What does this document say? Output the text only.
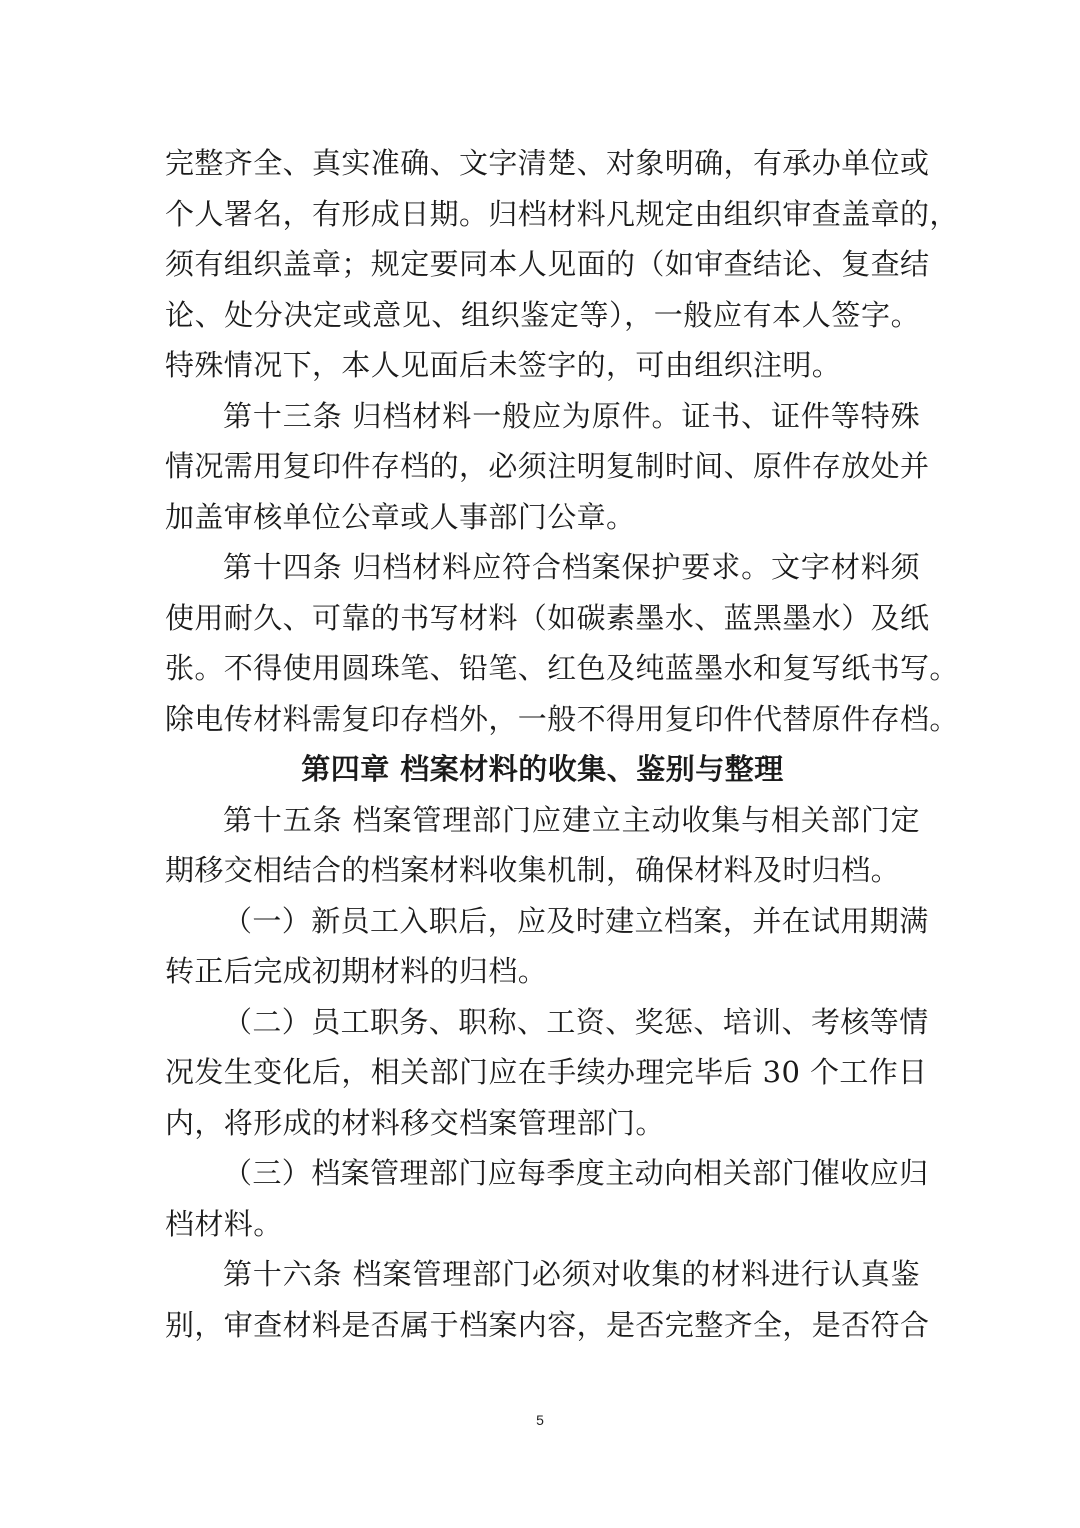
完整齐全、真实准确、文字清楚、对象明确，有承办单位或
个人署名，有形成日期。归档材料凡规定由组织审查盖章的，
须有组织盖章；规定要同本人见面的（如审查结论、复查结
论、处分决定或意见、组织鉴定等），一般应有本人签字。
特殊情况下，本人见面后未签字的，可由组织注明。
第十三条 归档材料一般应为原件。证书、证件等特殊
情况需用复印件存档的，必须注明复制时间、原件存放处并
加盖审核单位公章或人事部门公章。
第十四条 归档材料应符合档案保护要求。文字材料须
使用耐久、可靠的书写材料（如碳素墨水、蓝黑墨水）及纸
张。不得使用圆珠笔、铅笔、红色及纯蓝墨水和复写纸书写。
除电传材料需复印存档外，一般不得用复印件代替原件存档。
第四章 档案材料的收集、鉴别与整理
第十五条 档案管理部门应建立主动收集与相关部门定
期移交相结合的档案材料收集机制，确保材料及时归档。
（一）新员工入职后，应及时建立档案，并在试用期满
转正后完成初期材料的归档。
（二）员工职务、职称、工资、奖惩、培训、考核等情
况发生变化后，相关部门应在手续办理完毕后 30 个工作日
内，将形成的材料移交档案管理部门。
（三）档案管理部门应每季度主动向相关部门催收应归
档材料。
第十六条 档案管理部门必须对收集的材料进行认真鉴
别，审查材料是否属于档案内容，是否完整齐全，是否符合
5
